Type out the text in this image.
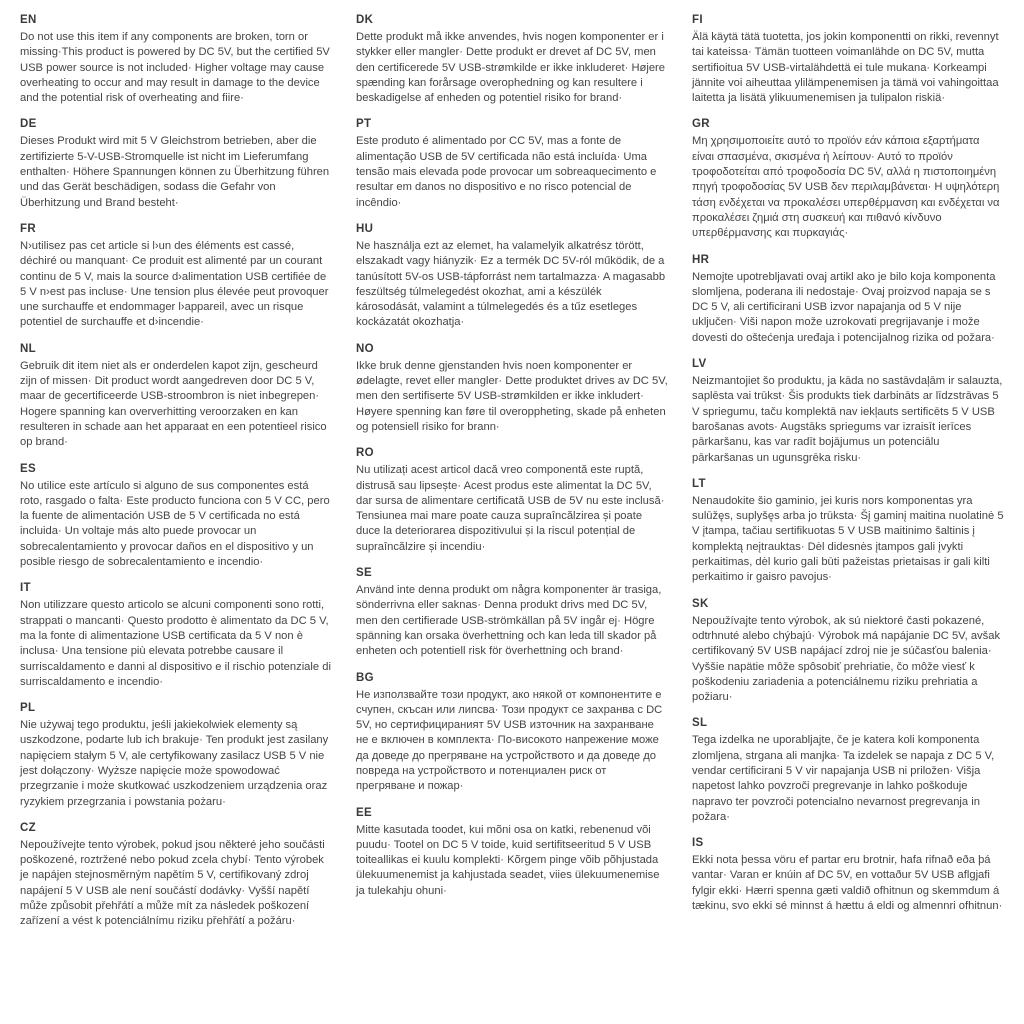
EN

Do not use this item if any components are broken, torn or missing·This product is powered by DC 5V, but the certified 5V USB power source is not included· Higher voltage may cause overheating to occur and may result in damage to the device and the potential risk of overheating and fiire·

DE

Dieses Produkt wird mit 5 V Gleichstrom betrieben, aber die zertifizierte 5-V-USB-Stromquelle ist nicht im Lieferumfang enthalten· Höhere Spannungen können zu Überhitzung führen und das Gerät beschädigen, sodass die Gefahr von Überhitzung und Brand besteht·

FR

N›utilisez pas cet article si l›un des éléments est cassé, déchiré ou manquant· Ce produit est alimenté par un courant continu de 5 V, mais la source d›alimentation USB certifiée de 5 V n›est pas incluse· Une tension plus élevée peut provoquer une surchauffe et endommager l›appareil, avec un risque potentiel de surchauffe et d›incendie·

NL

Gebruik dit item niet als er onderdelen kapot zijn, gescheurd zijn of missen· Dit product wordt aangedreven door DC 5 V, maar de gecertificeerde USB-stroombron is niet inbegrepen· Hogere spanning kan oververhitting veroorzaken en kan resulteren in schade aan het apparaat en een potentieel risico op brand·

ES

No utilice este artículo si alguno de sus componentes está roto, rasgado o falta· Este producto funciona con 5 V CC, pero la fuente de alimentación USB de 5 V certificada no está incluida· Un voltaje más alto puede provocar un sobrecalentamiento y provocar daños en el dispositivo y un posible riesgo de sobrecalentamiento e incendio·

IT

Non utilizzare questo articolo se alcuni componenti sono rotti, strappati o mancanti· Questo prodotto è alimentato da DC 5 V, ma la fonte di alimentazione USB certificata da 5 V non è inclusa· Una tensione più elevata potrebbe causare il surriscaldamento e danni al dispositivo e il rischio potenziale di surriscaldamento e incendio·

PL

Nie używaj tego produktu, jeśli jakiekolwiek elementy są uszkodzone, podarte lub ich brakuje· Ten produkt jest zasilany napięciem stałym 5 V, ale certyfikowany zasilacz USB 5 V nie jest dołączony· Wyższe napięcie może spowodować przegrzanie i może skutkować uszkodzeniem urządzenia oraz ryzykiem przegrzania i powstania pożaru·

CZ

Nepoužívejte tento výrobek, pokud jsou některé jeho součásti poškozené, roztržené nebo pokud zcela chybí· Tento výrobek je napájen stejnosměrným napětím 5 V, certifikovaný zdroj napájení 5 V USB ale není součástí dodávky· Vyšší napětí může způsobit přehřátí a může mít za následek poškození zařízení a vést k potenciálnímu riziku přehřátí a požáru·

DK

Dette produkt må ikke anvendes, hvis nogen komponenter er i stykker eller mangler· Dette produkt er drevet af DC 5V, men den certificerede 5V USB-strømkilde er ikke inkluderet· Højere spænding kan forårsage overophedning og kan resultere i beskadigelse af enheden og potentiel risiko for brand·

PT

Este produto é alimentado por CC 5V, mas a fonte de alimentação USB de 5V certificada não está incluída· Uma tensão mais elevada pode provocar um sobreaquecimento e resultar em danos no dispositivo e no risco potencial de incêndio·

HU

Ne használja ezt az elemet, ha valamelyik alkatrész törött, elszakadt vagy hiányzik· Ez a termék DC 5V-ról működik, de a tanúsított 5V-os USB-tápforrást nem tartalmazza· A magasabb feszültség túlmelegedést okozhat, ami a készülék károsodását, valamint a túlmelegedés és a tűz esetleges kockázatát okozhatja·

NO

Ikke bruk denne gjenstanden hvis noen komponenter er ødelagte, revet eller mangler· Dette produktet drives av DC 5V, men den sertifiserte 5V USB-strømkilden er ikke inkludert· Høyere spenning kan føre til overoppheting, skade på enheten og potensiell risiko for brann·

RO

Nu utilizați acest articol dacă vreo componentă este ruptă, distrusă sau lipsește· Acest produs este alimentat la DC 5V, dar sursa de alimentare certificată USB de 5V nu este inclusă· Tensiunea mai mare poate cauza supraîncălzirea și poate duce la deteriorarea dispozitivului și la riscul potențial de supraîncălzire și incendiu·

SE

Använd inte denna produkt om några komponenter är trasiga, sönderrivna eller saknas· Denna produkt drivs med DC 5V, men den certifierade USB-strömkällan på 5V ingår ej· Högre spänning kan orsaka överhettning och kan leda till skador på enheten och potentiell risk för överhettning och brand·

BG

Не използвайте този продукт, ако някой от компонентите е счупен, скъсан или липсва· Този продукт се захранва с DC 5V, но сертифицираният 5V USB източник на захранване не е включен в комплекта· По-високото напрежение може да доведе до прегряване на устройството и да доведе до повреда на устройството и потенциален риск от прегряване и пожар·

EE

Mitte kasutada toodet, kui mõni osa on katki, rebenenud või puudu· Tootel on DC 5 V toide, kuid sertifitseeritud 5 V USB toiteallikas ei kuulu komplekti· Kõrgem pinge võib põhjustada ülekuumenemist ja kahjustada seadet, viies ülekuumenemise ja tulekahju ohuni·

FI

Älä käytä tätä tuotetta, jos jokin komponentti on rikki, revennyt tai kateissa· Tämän tuotteen voimanlähde on DC 5V, mutta sertifioitua 5V USB-virtalähdettä ei tule mukana· Korkeampi jännite voi aiheuttaa ylilämpenemisen ja tämä voi vahingoittaa laitetta ja lisätä ylikuumenemisen ja tulipalon riskiä·

GR

Μη χρησιμοποιείτε αυτό το προϊόν εάν κάποια εξαρτήματα είναι σπασμένα, σκισμένα ή λείπουν· Αυτό το προϊόν τροφοδοτείται από τροφοδοσία DC 5V, αλλά η πιστοποιημένη πηγή τροφοδοσίας 5V USB δεν περιλαμβάνεται· Η υψηλότερη τάση ενδέχεται να προκαλέσει υπερθέρμανση και ενδέχεται να προκαλέσει ζημιά στη συσκευή και πιθανό κίνδυνο υπερθέρμανσης και πυρκαγιάς·

HR

Nemojte upotrebljavati ovaj artikl ako je bilo koja komponenta slomljena, poderana ili nedostaje· Ovaj proizvod napaja se s DC 5 V, ali certificirani USB izvor napajanja od 5 V nije uključen· Viši napon može uzrokovati pregrijavanje i može dovesti do oštećenja uređaja i potencijalnog rizika od požara·

LV

Neizmantojiet šo produktu, ja kāda no sastāvdaļām ir salauzta, saplēsta vai trūkst· Šis produkts tiek darbināts ar līdzstrāvas 5 V spriegumu, taču komplektā nav iekļauts sertificēts 5 V USB barošanas avots· Augstāks spriegums var izraisīt ierīces pārkaršanu, kas var radīt bojājumus un potenciālu pārkaršanas un ugunsgrēka risku·

LT

Nenaudokite šio gaminio, jei kuris nors komponentas yra sulūžęs, suplyšęs arba jo trūksta· Šį gaminį maitina nuolatinė 5 V įtampa, tačiau sertifikuotas 5 V USB maitinimo šaltinis į komplektą neįtrauktas· Dėl didesnės įtampos gali įvykti perkaitimas, dėl kurio gali būti pažeistas prietaisas ir gali kilti perkaitimo ir gaisro pavojus·

SK

Nepoužívajte tento výrobok, ak sú niektoré časti pokazené, odtrhnuté alebo chýbajú· Výrobok má napájanie DC 5V, avšak certifikovaný 5V USB napájací zdroj nie je súčasťou balenia· Vyššie napätie môže spôsobiť prehriatie, čo môže viesť k poškodeniu zariadenia a potenciálnemu riziku prehriatia a požiaru·

SL

Tega izdelka ne uporabljajte, če je katera koli komponenta zlomljena, strgana ali manjka· Ta izdelek se napaja z DC 5 V, vendar certificirani 5 V vir napajanja USB ni priložen· Višja napetost lahko povzroči pregrevanje in lahko poškoduje napravo ter povzroči potencialno nevarnost pregrevanja in požara·

IS

Ekki nota þessa vöru ef partar eru brotnir, hafa rifnað eða þá vantar· Varan er knúin af DC 5V, en vottaður 5V USB aflgjafi fylgir ekki· Hærri spenna gæti valdið ofhitnun og skemmdum á tækinu, svo ekki sé minnst á hættu á eldi og almennri ofhitnun·
